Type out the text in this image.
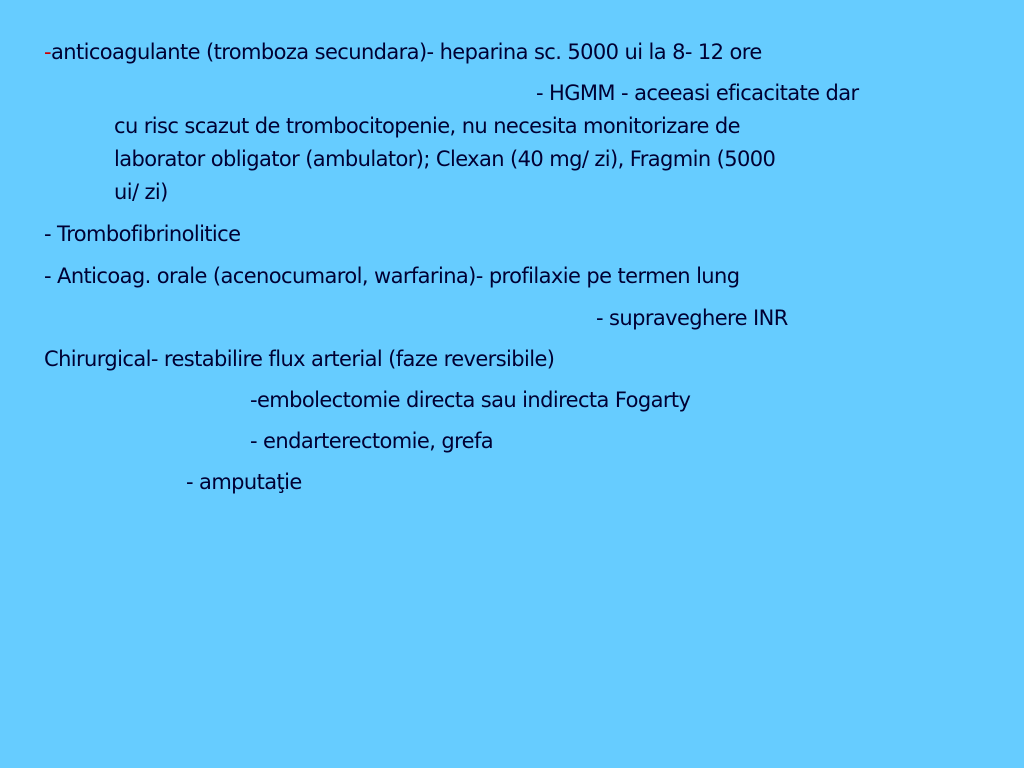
-anticoagulante (tromboza secundara)- heparina sc. 5000 ui la 8- 12 ore
- HGMM - aceeasi eficacitate dar
cu risc scazut de trombocitopenie, nu necesita monitorizare de
laborator obligator (ambulator); Clexan (40 mg/ zi), Fragmin (5000
ui/ zi)
- Trombofibrinolitice
- Anticoag. orale (acenocumarol, warfarina)- profilaxie pe termen lung
- supraveghere INR
Chirurgical- restabilire flux arterial (faze reversibile)
-embolectomie directa sau indirecta Fogarty
- endarterectomie, grefa
- amputaţie
